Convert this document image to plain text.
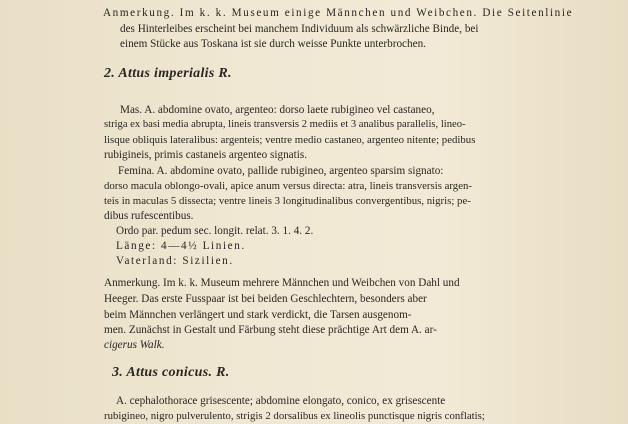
Anmerkung. Im k. k. Museum einige Männchen und Weibchen. Die Seitenlinie
des Hinterleibes erscheint bei manchem Individuum als schwärzliche Binde, bei
einem Stücke aus Toskana ist sie durch weisse Punkte unterbrochen.
2. Attus imperialis R.
Mas. A. abdomine ovato, argenteo: dorso laete rubigineo vel castaneo,
striga ex basi media abrupta, lineis transversis 2 mediis et 3 analibus parallelis, lineo-
lisque obliquis lateralibus: argenteis; ventre medio castaneo, argenteo nitente; pedibus
rubigineis, primis castaneis argenteo signatis.
Femina. A. abdomine ovato, pallide rubigineo, argenteo sparsim signato:
dorso macula oblongo-ovali, apice anum versus directa: atra, lineis transversis argen-
teis in maculas 5 dissecta; ventre lineis 3 longitudinalibus convergentibus, nigris; pe-
dibus rufescentibus.
Ordo par. pedum sec. longit. relat. 3. 1. 4. 2.
Länge: 4—4½ Linien.
Vaterland: Sizilien.
Anmerkung. Im k. k. Museum mehrere Männchen und Weibchen von Dahl und
Heeger. Das erste Fusspaar ist bei beiden Geschlechtern, besonders aber
beim Männchen verlängert und stark verdickt, die Tarsen ausgenom-
men. Zunächst in Gestalt und Färbung steht diese prächtige Art dem A. ar-
cigerus Walk.
3. Attus conicus. R.
A. cephalothorace grisescente; abdomine elongato, conico, ex grisescente
rubigineo, nigro pulverulento, strigis 2 dorsalibus ex lineolis punctisque nigris conflatis;
